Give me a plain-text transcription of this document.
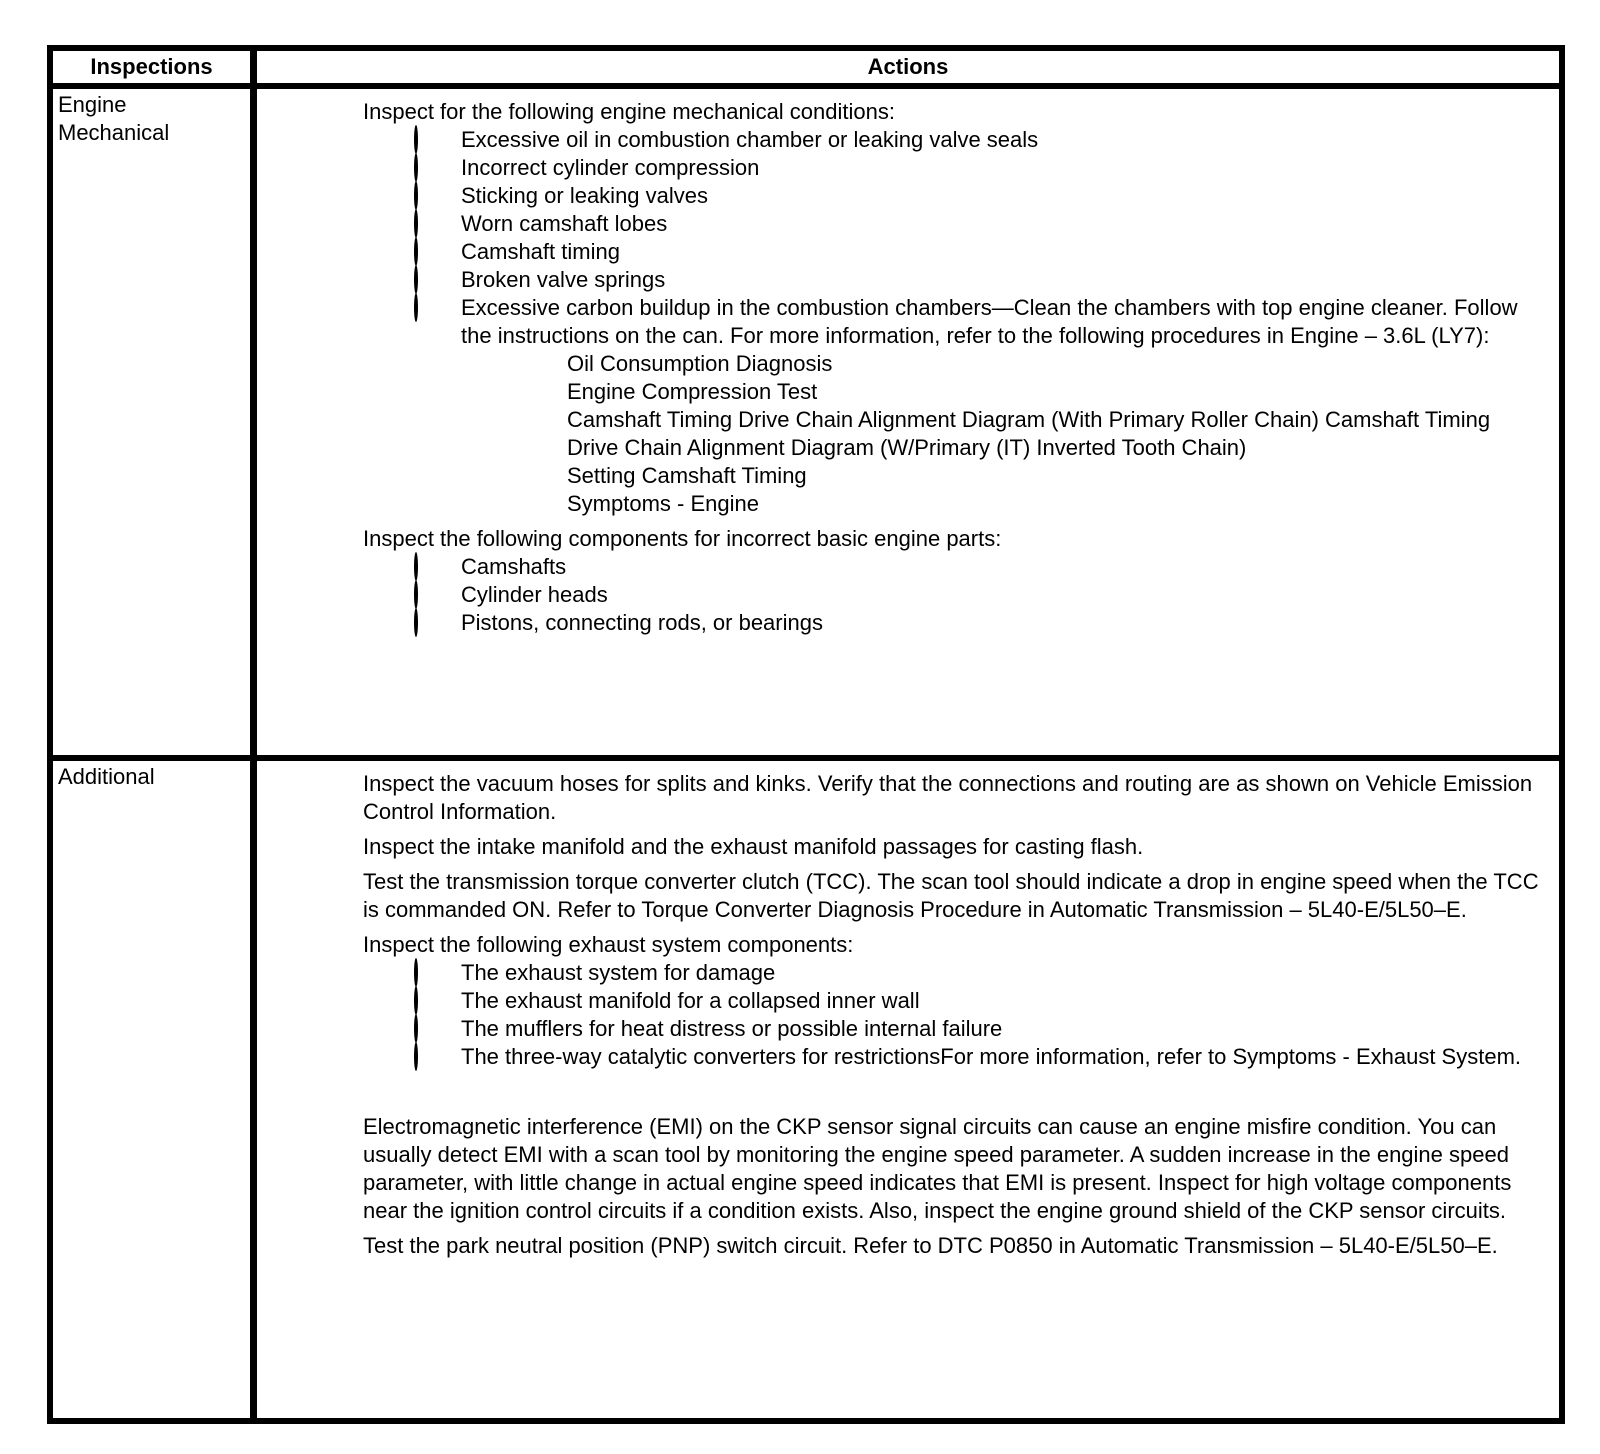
Inspections	Actions
Engine Mechanical
Inspect for the following engine mechanical conditions:
Excessive oil in combustion chamber or leaking valve seals
Incorrect cylinder compression
Sticking or leaking valves
Worn camshaft lobes
Camshaft timing
Broken valve springs
Excessive carbon buildup in the combustion chambers—Clean the chambers with top engine cleaner. Follow the instructions on the can. For more information, refer to the following procedures in Engine – 3.6L (LY7):
Oil Consumption Diagnosis
Engine Compression Test
Camshaft Timing Drive Chain Alignment Diagram (With Primary Roller Chain) Camshaft Timing Drive Chain Alignment Diagram (W/Primary (IT) Inverted Tooth Chain)
Setting Camshaft Timing
Symptoms - Engine
Inspect the following components for incorrect basic engine parts:
Camshafts
Cylinder heads
Pistons, connecting rods, or bearings
Additional	Inspect the vacuum hoses for splits and kinks. Verify that the connections and routing are as shown on Vehicle Emission Control Information.
Inspect the intake manifold and the exhaust manifold passages for casting flash.
Test the transmission torque converter clutch (TCC). The scan tool should indicate a drop in engine speed when the TCC is commanded ON. Refer to Torque Converter Diagnosis Procedure in Automatic Transmission – 5L40-E/5L50–E.
Inspect the following exhaust system components:
The exhaust system for damage
The exhaust manifold for a collapsed inner wall
The mufflers for heat distress or possible internal failure
The three-way catalytic converters for restrictionsFor more information, refer to Symptoms - Exhaust System.
Electromagnetic interference (EMI) on the CKP sensor signal circuits can cause an engine misfire condition. You can usually detect EMI with a scan tool by monitoring the engine speed parameter. A sudden increase in the engine speed parameter, with little change in actual engine speed indicates that EMI is present. Inspect for high voltage components near the ignition control circuits if a condition exists. Also, inspect the engine ground shield of the CKP sensor circuits.
Test the park neutral position (PNP) switch circuit. Refer to DTC P0850 in Automatic Transmission – 5L40-E/5L50–E.
